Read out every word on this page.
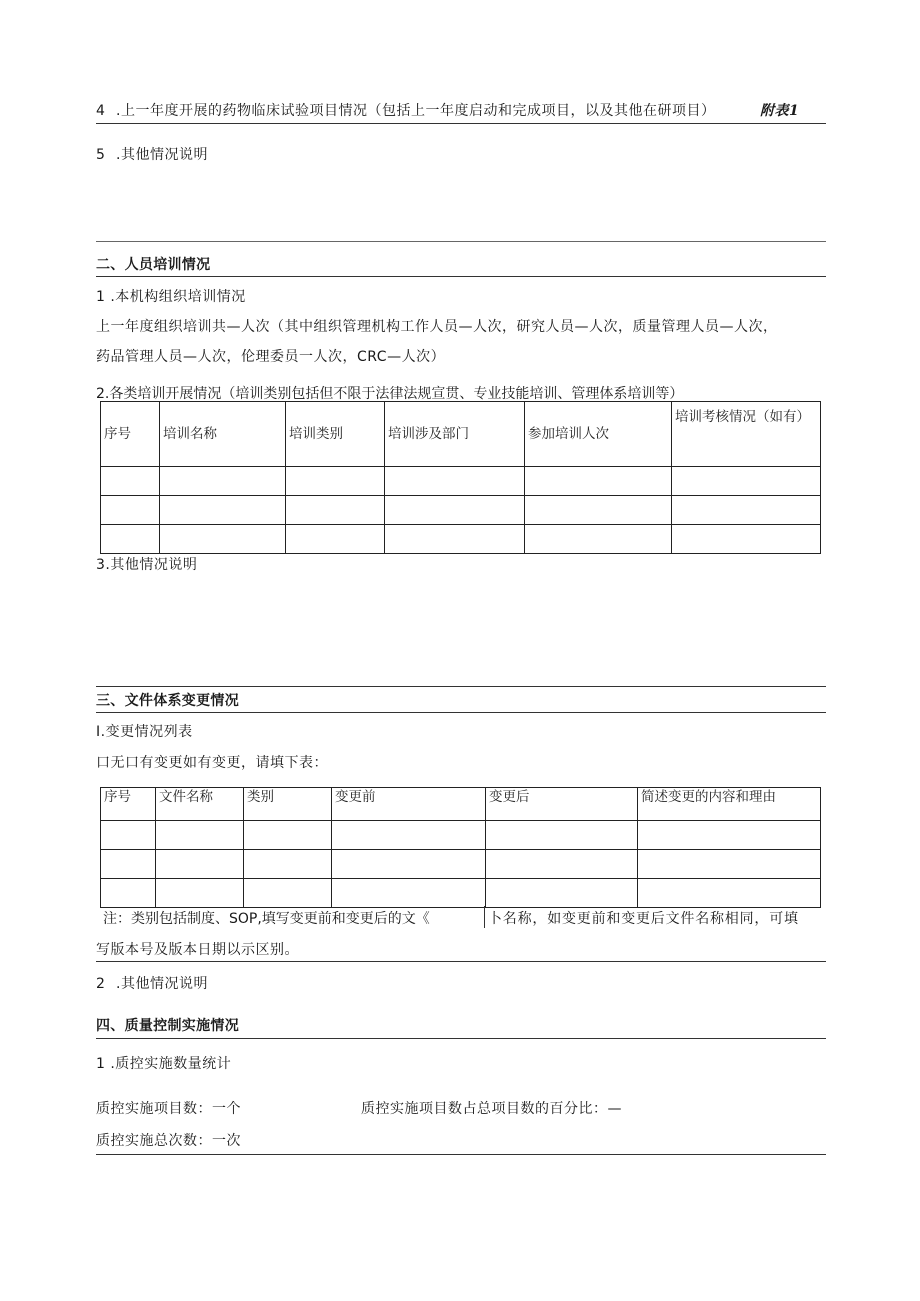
4 .上一年度开展的药物临床试验项目情况（包括上一年度启动和完成项目，以及其他在研项目）	附表1
5 .其他情况说明
二、人员培训情况
1 .本机构组织培训情况
上一年度组织培训共—人次（其中组织管理机构工作人员—人次，研究人员—人次，质量管理人员—人次，
药品管理人员—人次，伦理委员一人次，CRC—人次）
2.各类培训开展情况（培训类别包括但不限于法律法规宣贯、专业技能培训、管理体系培训等）
序号	培训名称	培训类别	培训涉及部门	参加培训人次	培训考核情况（如有）

3.其他情况说明
三、文件体系变更情况
I.变更情况列表
口无口有变更如有变更，请填下表：
序号	文件名称	类别	变更前	变更后	简述变更的内容和理由

注：类别包括制度、SOP,填写变更前和变更后的文《	卜名称，如变更前和变更后文件名称相同，可填
写版本号及版本日期以示区别。
2 .其他情况说明
四、质量控制实施情况
1 .质控实施数量统计
质控实施项目数：一个	质控实施项目数占总项目数的百分比：—
质控实施总次数：一次
